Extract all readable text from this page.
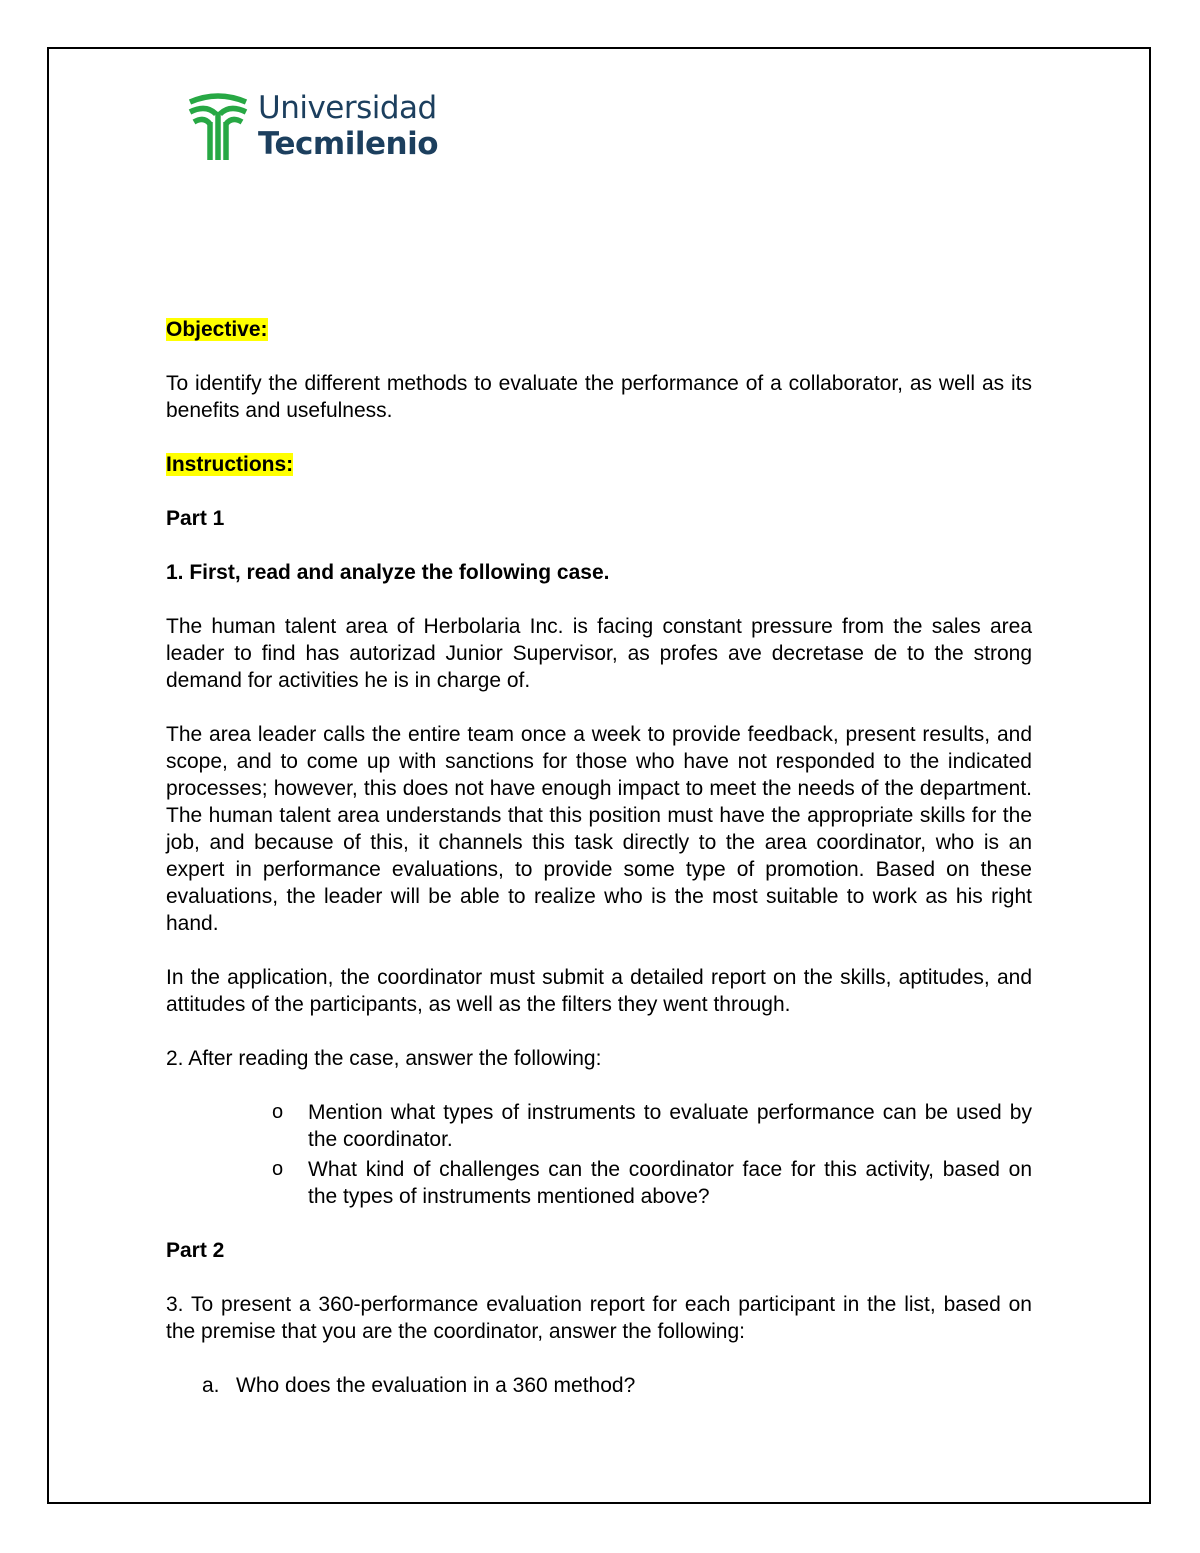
Universidad
Tecmilenio
Objective:

To identify the different methods to evaluate the performance of a collaborator, as well as its benefits and usefulness.

Instructions:

Part 1

1. First, read and analyze the following case.

The human talent area of Herbolaria Inc. is facing constant pressure from the sales area leader to find has autorizad Junior Supervisor, as profes ave decretase de to the strong demand for activities he is in charge of.

The area leader calls the entire team once a week to provide feedback, present results, and scope, and to come up with sanctions for those who have not responded to the indicated processes; however, this does not have enough impact to meet the needs of the department. The human talent area understands that this position must have the appropriate skills for the job, and because of this, it channels this task directly to the area coordinator, who is an expert in performance evaluations, to provide some type of promotion. Based on these evaluations, the leader will be able to realize who is the most suitable to work as his right hand.

In the application, the coordinator must submit a detailed report on the skills, aptitudes, and attitudes of the participants, as well as the filters they went through.

2. After reading the case, answer the following:

o Mention what types of instruments to evaluate performance can be used by the coordinator.
o What kind of challenges can the coordinator face for this activity, based on the types of instruments mentioned above?

Part 2

3. To present a 360-performance evaluation report for each participant in the list, based on the premise that you are the coordinator, answer the following:

a. Who does the evaluation in a 360 method?
